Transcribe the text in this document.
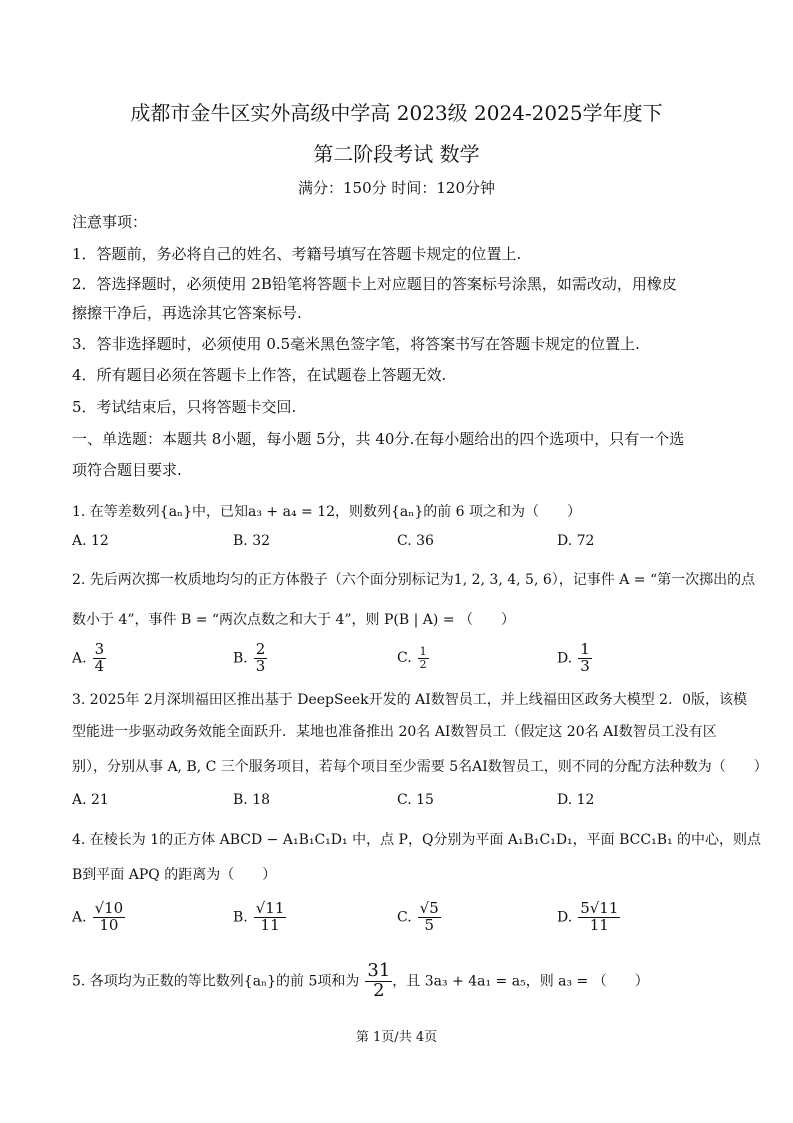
成都市金牛区实外高级中学高 2023级 2024-2025学年度下
第二阶段考试 数学
满分：150分 时间：120分钟
注意事项：
1．答题前，务必将自己的姓名、考籍号填写在答题卡规定的位置上.
2．答选择题时，必须使用 2B铅笔将答题卡上对应题目的答案标号涂黑，如需改动，用橡皮
擦擦干净后，再选涂其它答案标号.
3．答非选择题时，必须使用 0.5毫米黑色签字笔，将答案书写在答题卡规定的位置上.
4．所有题目必须在答题卡上作答，在试题卷上答题无效.
5．考试结束后，只将答题卡交回.
一、单选题：本题共 8小题，每小题 5分，共 40分.在每小题给出的四个选项中，只有一个选
项符合题目要求.
1. 在等差数列{aₙ}中，已知a₃ + a₄ = 12，则数列{aₙ}的前 6 项之和为（　　）
A. 12	B. 32	C. 36	D. 72
2. 先后两次掷一枚质地均匀的正方体骰子（六个面分别标记为1, 2, 3, 4, 5, 6），记事件 A = “第一次掷出的点
数小于 4”，事件 B = “两次点数之和大于 4”，则 P(B | A) = （　　）
A. $\frac{3}{4}$	B. $\frac{2}{3}$	C. $\frac{1}{2}$	D. $\frac{1}{3}$
3. 2025年 2月深圳福田区推出基于 DeepSeek开发的 AI数智员工，并上线福田区政务大模型 2．0版，该模
型能进一步驱动政务效能全面跃升．某地也准备推出 20名 AI数智员工（假定这 20名 AI数智员工没有区
别），分别从事 A, B, C 三个服务项目，若每个项目至少需要 5名AI数智员工，则不同的分配方法种数为（　　）
A. 21	B. 18	C. 15	D. 12
4. 在棱长为 1的正方体 ABCD − A₁B₁C₁D₁ 中，点 P，Q分别为平面 A₁B₁C₁D₁，平面 BCC₁B₁ 的中心，则点
B到平面 APQ 的距离为（　　）
A. $\frac{√10}{10}$	B. $\frac{√11}{11}$	C. $\frac{√5}{5}$	D. $\frac{5√11}{11}$
5. 各项均为正数的等比数列{aₙ}的前 5项和为 $\frac{31}{2}$ ，且 3a₃ + 4a₁ = a₅，则 a₃ = （　　）
第 1页/共 4页
